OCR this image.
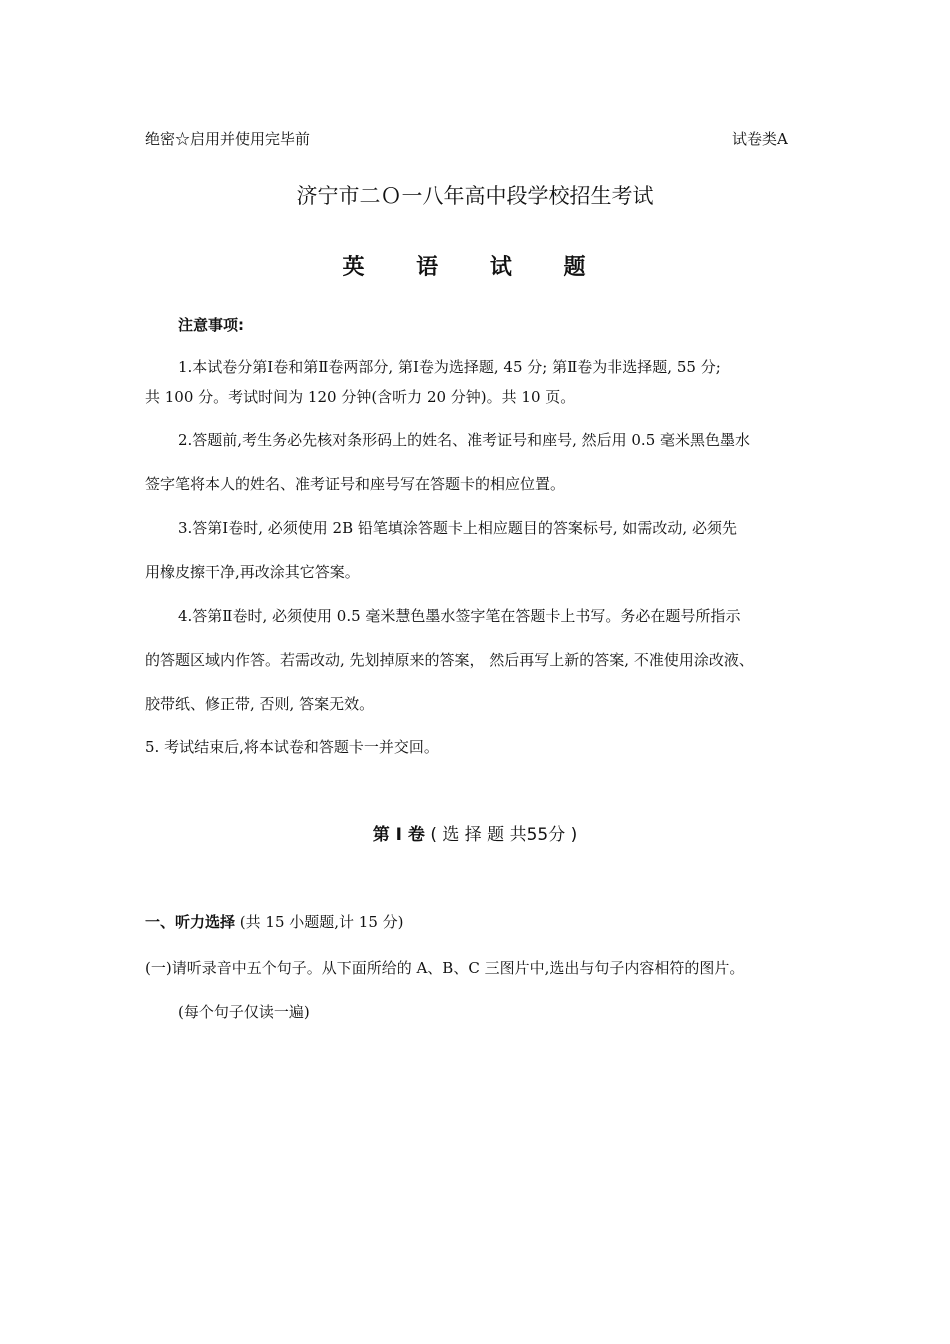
绝密☆启用并使用完毕前	试卷类A
济宁市二Ｏ一八年高中段学校招生考试
英 语 试 题
注意事项:
1.本试卷分第Ⅰ卷和第Ⅱ卷两部分, 第Ⅰ卷为选择题, 45 分; 第Ⅱ卷为非选择题, 55 分;
共 100 分。考试时间为 120 分钟(含听力 20 分钟)。共 10 页。
2.答题前,考生务必先核对条形码上的姓名、准考证号和座号, 然后用 0.5 毫米黑色墨水
签字笔将本人的姓名、准考证号和座号写在答题卡的相应位置。
3.答第Ⅰ卷时, 必须使用 2B 铅笔填涂答题卡上相应题目的答案标号, 如需改动, 必须先
用橡皮擦干净,再改涂其它答案。
4.答第Ⅱ卷时, 必须使用 0.5 毫米慧色墨水签字笔在答题卡上书写。务必在题号所指示
的答题区域内作答。若需改动, 先划掉原来的答案， 然后再写上新的答案, 不准使用涂改液、
胶带纸、修正带, 否则, 答案无效。
5. 考试结束后,将本试卷和答题卡一并交回。
第 Ⅰ 卷 ( 选 择 题 共55分 )
一、听力选择 (共 15 小题题,计 15 分)
(一)请听录音中五个句子。从下面所给的 A、B、C 三图片中,选出与句子内容相符的图片。
(每个句子仅读一遍)
